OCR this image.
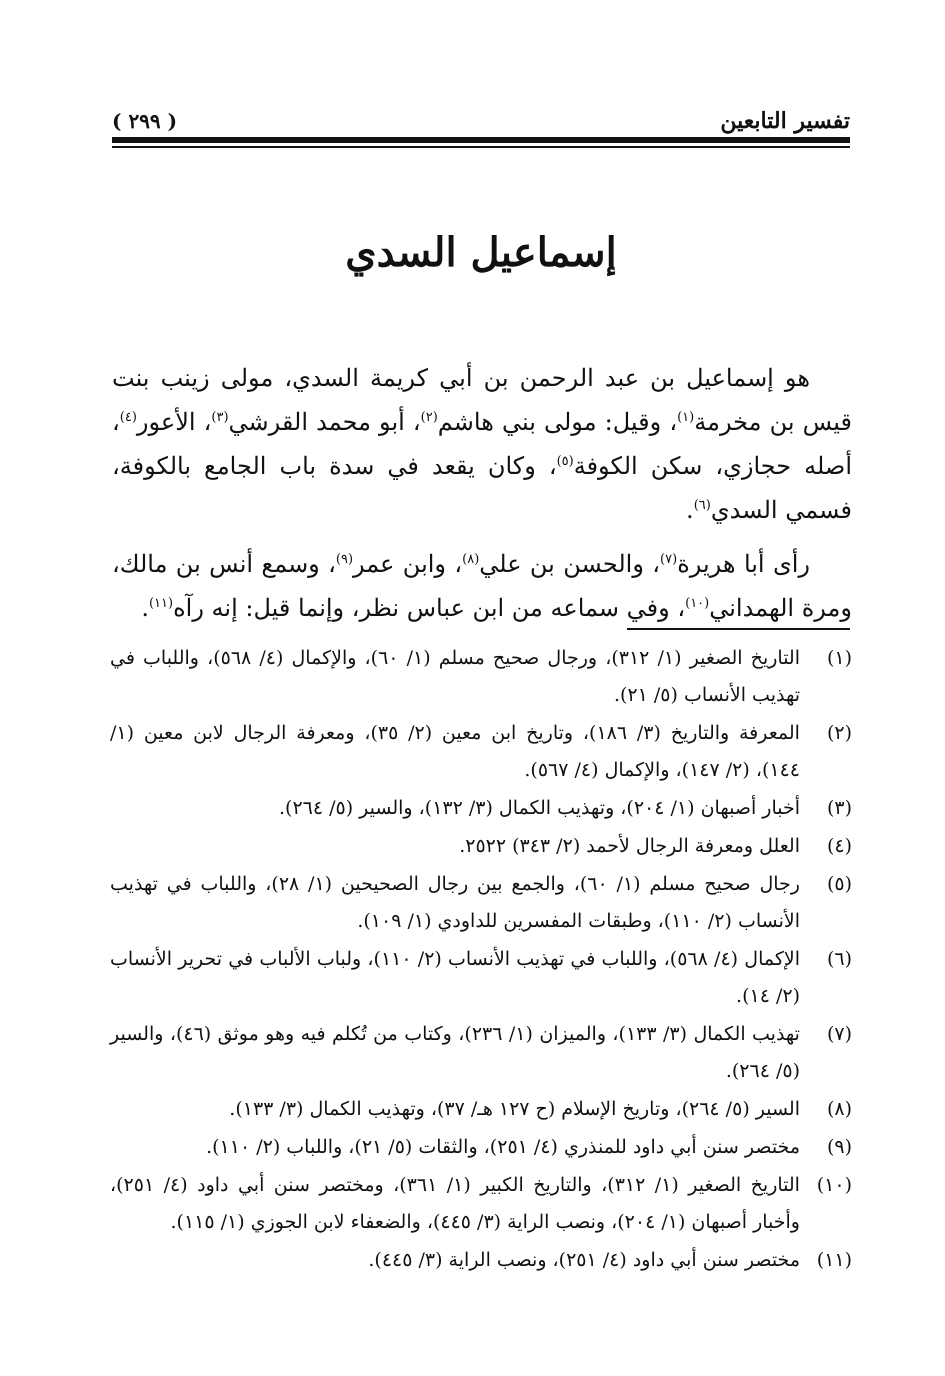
تفسير التابعين
( ٢٩٩ )
إسماعيل السدي

هو إسماعيل بن عبد الرحمن بن أبي كريمة السدي، مولى زينب بنت قيس بن مخرمة$^{(١)}$، وقيل: مولى بني هاشم$^{(٢)}$، أبو محمد القرشي$^{(٣)}$، الأعور$^{(٤)}$، أصله حجازي، سكن الكوفة$^{(٥)}$، وكان يقعد في سدة باب الجامع بالكوفة، فسمي السدي$^{(٦)}$.

رأى أبا هريرة$^{(٧)}$، والحسن بن علي$^{(٨)}$، وابن عمر$^{(٩)}$، وسمع أنس بن مالك، ومرة الهمداني$^{(١٠)}$، وفي سماعه من ابن عباس نظر، وإنما قيل: إنه رآه$^{(١١)}$.

(١)
التاريخ الصغير (١/ ٣١٢)، ورجال صحيح مسلم (١/ ٦٠)، والإكمال (٤/ ٥٦٨)، واللباب في تهذيب الأنساب (٥/ ٢١).
(٢)
المعرفة والتاريخ (٣/ ١٨٦)، وتاريخ ابن معين (٢/ ٣٥)، ومعرفة الرجال لابن معين (١/ ١٤٤)، (٢/ ١٤٧)، والإكمال (٤/ ٥٦٧).
(٣)
أخبار أصبهان (١/ ٢٠٤)، وتهذيب الكمال (٣/ ١٣٢)، والسير (٥/ ٢٦٤).
(٤)
العلل ومعرفة الرجال لأحمد (٢/ ٣٤٣) ٢٥٢٢.
(٥)
رجال صحيح مسلم (١/ ٦٠)، والجمع بين رجال الصحيحين (١/ ٢٨)، واللباب في تهذيب الأنساب (٢/ ١١٠)، وطبقات المفسرين للداودي (١/ ١٠٩).
(٦)
الإكمال (٤/ ٥٦٨)، واللباب في تهذيب الأنساب (٢/ ١١٠)، ولباب الألباب في تحرير الأنساب (٢/ ١٤).
(٧)
تهذيب الكمال (٣/ ١٣٣)، والميزان (١/ ٢٣٦)، وكتاب من تُكلم فيه وهو موثق (٤٦)، والسير (٥/ ٢٦٤).
(٨)
السير (٥/ ٢٦٤)، وتاريخ الإسلام (ح ١٢٧ هـ/ ٣٧)، وتهذيب الكمال (٣/ ١٣٣).
(٩)
مختصر سنن أبي داود للمنذري (٤/ ٢٥١)، والثقات (٥/ ٢١)، واللباب (٢/ ١١٠).
(١٠)
التاريخ الصغير (١/ ٣١٢)، والتاريخ الكبير (١/ ٣٦١)، ومختصر سنن أبي داود (٤/ ٢٥١)، وأخبار أصبهان (١/ ٢٠٤)، ونصب الراية (٣/ ٤٤٥)، والضعفاء لابن الجوزي (١/ ١١٥).
(١١)
مختصر سنن أبي داود (٤/ ٢٥١)، ونصب الراية (٣/ ٤٤٥).
